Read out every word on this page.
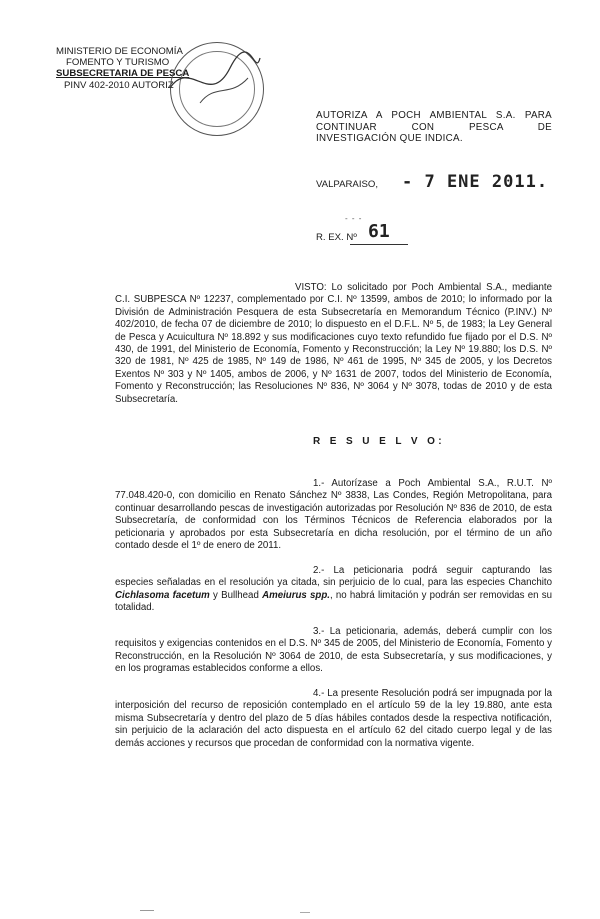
MINISTERIO DE ECONOMÍA
FOMENTO Y TURISMO
SUBSECRETARIA DE PESCA
PINV 402-2010 AUTORIZ
AUTORIZA A POCH AMBIENTAL S.A. PARA
CONTINUAR CON PESCA DE
INVESTIGACIÓN QUE INDICA.
VALPARAISO, - 7 ENE 2011.
- - -
R. EX. Nº 61
VISTO: Lo solicitado por Poch Ambiental S.A., mediante C.I. SUBPESCA Nº 12237, complementado por C.I. Nº 13599, ambos de 2010; lo informado por la División de Administración Pesquera de esta Subsecretaría en Memorandum Técnico (P.INV.) Nº 402/2010, de fecha 07 de diciembre de 2010; lo dispuesto en el D.F.L. Nº 5, de 1983; la Ley General de Pesca y Acuicultura Nº 18.892 y sus modificaciones cuyo texto refundido fue fijado por el D.S. Nº 430, de 1991, del Ministerio de Economía, Fomento y Reconstrucción; la Ley Nº 19.880; los D.S. Nº 320 de 1981, Nº 425 de 1985, Nº 149 de 1986, Nº 461 de 1995, Nº 345 de 2005, y los Decretos Exentos Nº 303 y Nº 1405, ambos de 2006, y Nº 1631 de 2007, todos del Ministerio de Economía, Fomento y Reconstrucción; las Resoluciones Nº 836, Nº 3064 y Nº 3078, todas de 2010 y de esta Subsecretaría.
R E S U E L V O:
1.- Autorízase a Poch Ambiental S.A., R.U.T. Nº 77.048.420-0, con domicilio en Renato Sánchez Nº 3838, Las Condes, Región Metropolitana, para continuar desarrollando pescas de investigación autorizadas por Resolución Nº 836 de 2010, de esta Subsecretaría, de conformidad con los Términos Técnicos de Referencia elaborados por la peticionaria y aprobados por esta Subsecretaría en dicha resolución, por el término de un año contado desde el 1º de enero de 2011.
2.- La peticionaria podrá seguir capturando las especies señaladas en el resolución ya citada, sin perjuicio de lo cual, para las especies Chanchito Cichlasoma facetum y Bullhead Ameiurus spp., no habrá limitación y podrán ser removidas en su totalidad.
3.- La peticionaria, además, deberá cumplir con los requisitos y exigencias contenidos en el D.S. Nº 345 de 2005, del Ministerio de Economía, Fomento y Reconstrucción, en la Resolución Nº 3064 de 2010, de esta Subsecretaría, y sus modificaciones, y en los programas establecidos conforme a ellos.
4.- La presente Resolución podrá ser impugnada por la interposición del recurso de reposición contemplado en el artículo 59 de la ley 19.880, ante esta misma Subsecretaría y dentro del plazo de 5 días hábiles contados desde la respectiva notificación, sin perjuicio de la aclaración del acto dispuesta en el artículo 62 del citado cuerpo legal y de las demás acciones y recursos que procedan de conformidad con la normativa vigente.
